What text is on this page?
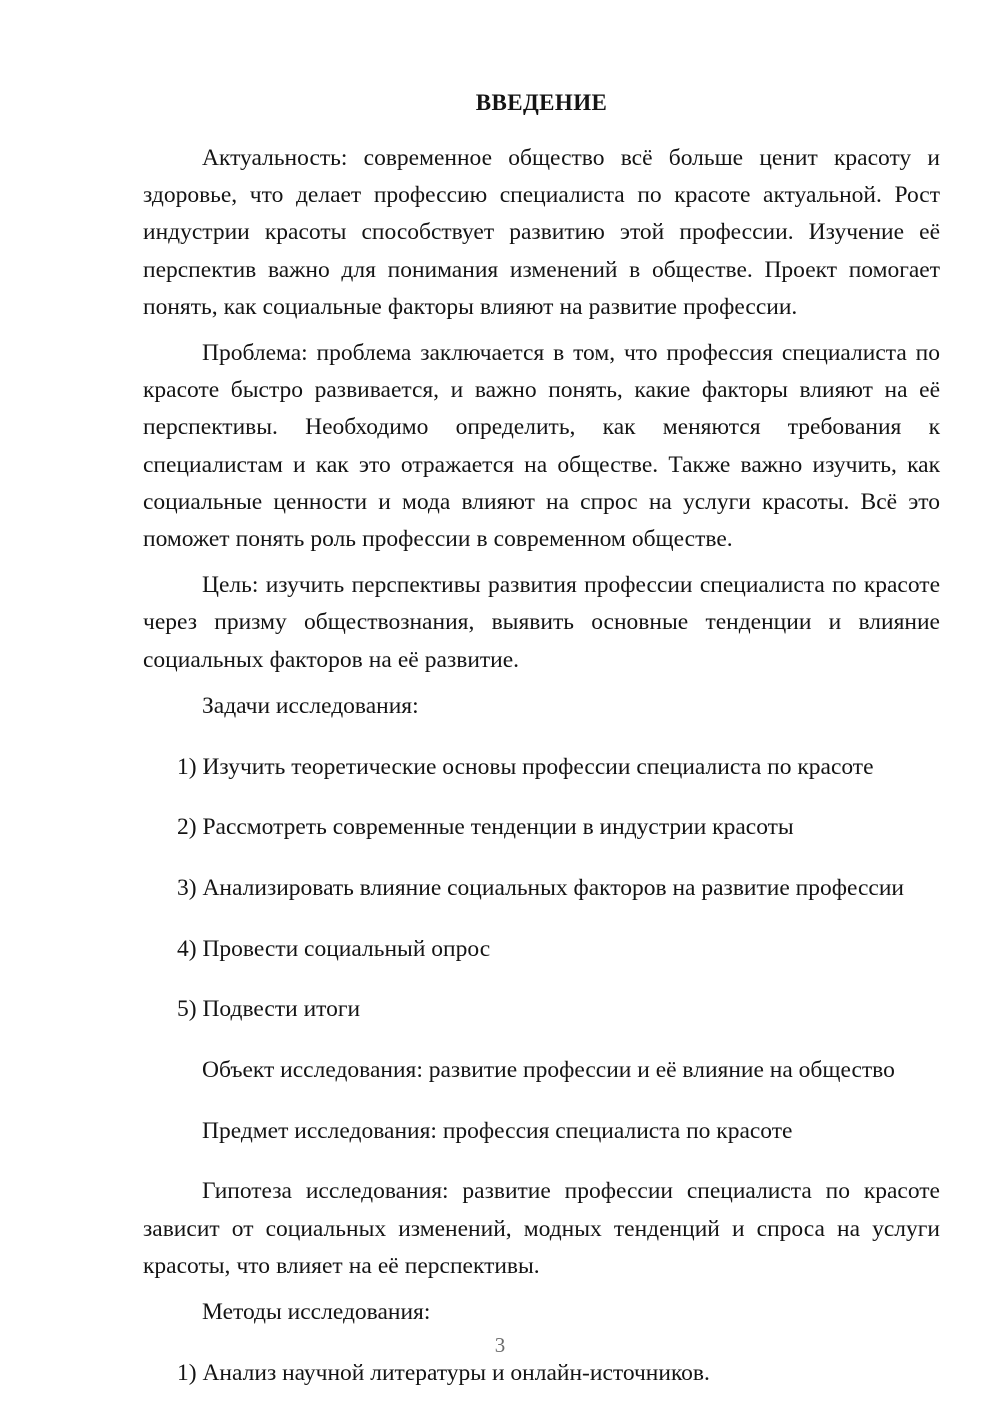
ВВЕДЕНИЕ

Актуальность: современное общество всё больше ценит красоту и здоровье, что делает профессию специалиста по красоте актуальной. Рост индустрии красоты способствует развитию этой профессии. Изучение её перспектив важно для понимания изменений в обществе. Проект помогает понять, как социальные факторы влияют на развитие профессии.

Проблема: проблема заключается в том, что профессия специалиста по красоте быстро развивается, и важно понять, какие факторы влияют на её перспективы. Необходимо определить, как меняются требования к специалистам и как это отражается на обществе. Также важно изучить, как социальные ценности и мода влияют на спрос на услуги красоты. Всё это поможет понять роль профессии в современном обществе.

Цель: изучить перспективы развития профессии специалиста по красоте через призму обществознания, выявить основные тенденции и влияние социальных факторов на её развитие.

Задачи исследования:

1) Изучить теоретические основы профессии специалиста по красоте

2) Рассмотреть современные тенденции в индустрии красоты

3) Анализировать влияние социальных факторов на развитие профессии

4) Провести социальный опрос

5) Подвести итоги

Объект исследования: развитие профессии и её влияние на общество

Предмет исследования: профессия специалиста по красоте

Гипотеза исследования: развитие профессии специалиста по красоте зависит от социальных изменений, модных тенденций и спроса на услуги красоты, что влияет на её перспективы.

Методы исследования:

1) Анализ научной литературы и онлайн-источников.

3
